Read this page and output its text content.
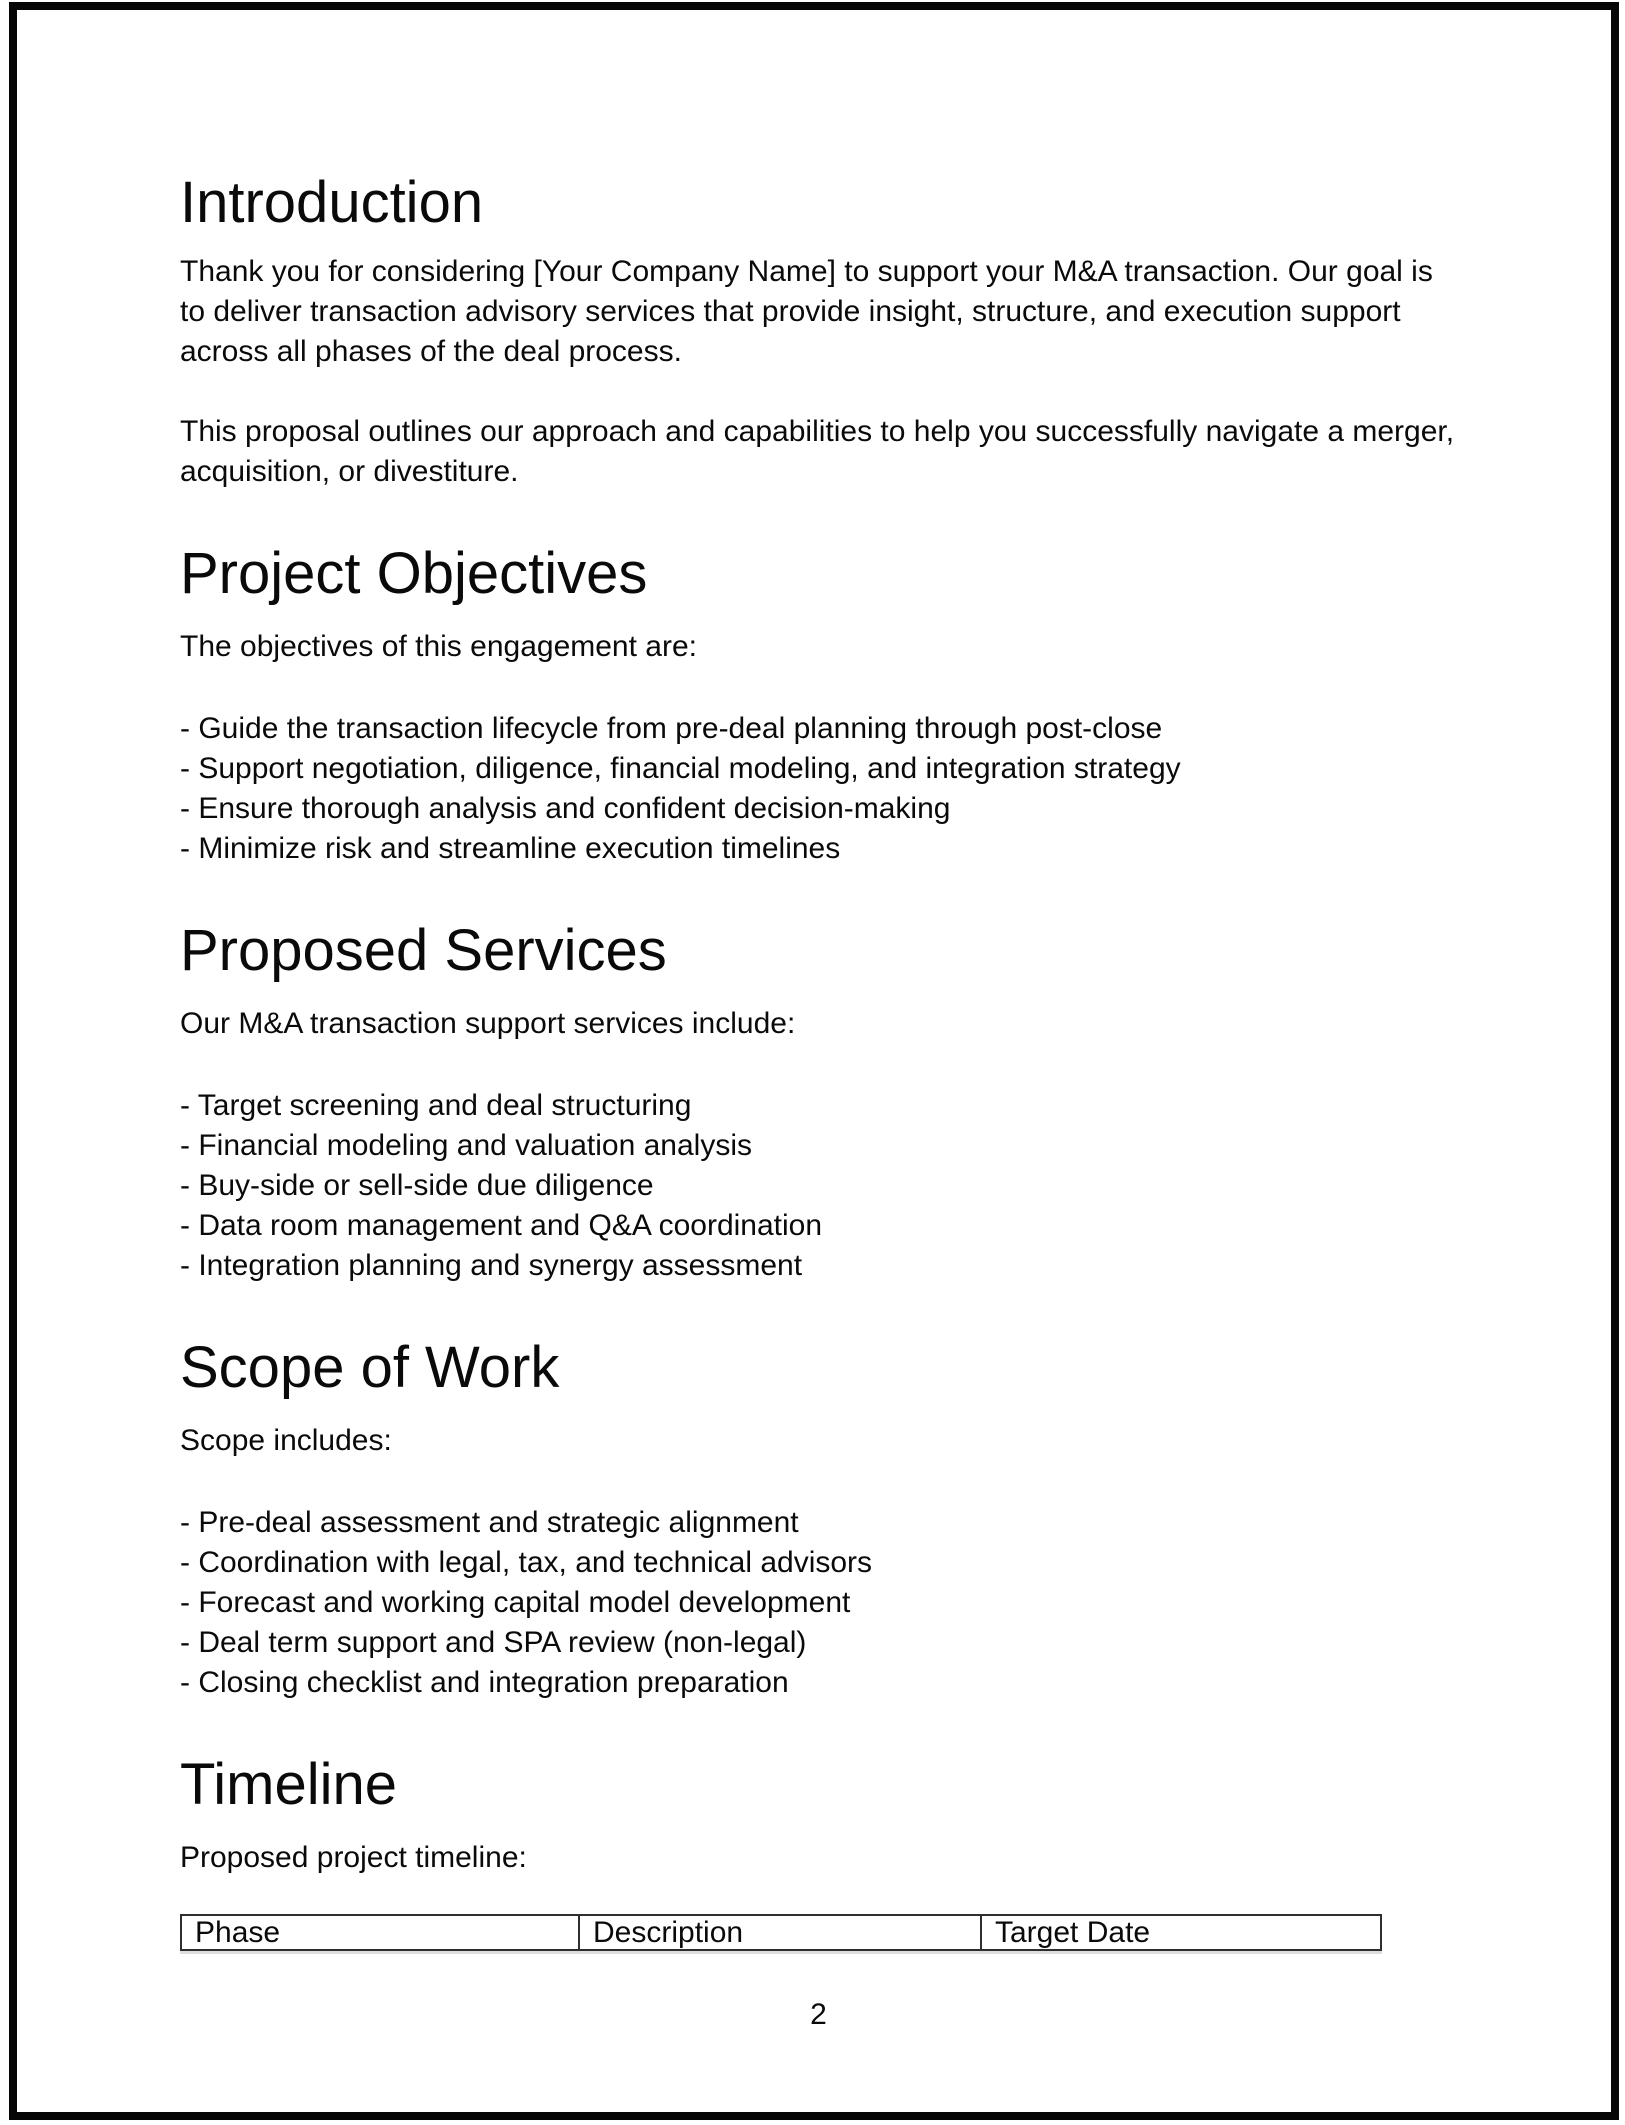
Introduction

Thank you for considering [Your Company Name] to support your M&A transaction. Our goal is to deliver transaction advisory services that provide insight, structure, and execution support across all phases of the deal process.

This proposal outlines our approach and capabilities to help you successfully navigate a merger, acquisition, or divestiture.

Project Objectives

The objectives of this engagement are:

- Guide the transaction lifecycle from pre-deal planning through post-close
- Support negotiation, diligence, financial modeling, and integration strategy
- Ensure thorough analysis and confident decision-making
- Minimize risk and streamline execution timelines
Proposed Services

Our M&A transaction support services include:

- Target screening and deal structuring
- Financial modeling and valuation analysis
- Buy-side or sell-side due diligence
- Data room management and Q&A coordination
- Integration planning and synergy assessment
Scope of Work

Scope includes:

- Pre-deal assessment and strategic alignment
- Coordination with legal, tax, and technical advisors
- Forecast and working capital model development
- Deal term support and SPA review (non-legal)
- Closing checklist and integration preparation
Timeline

Proposed project timeline:

Phase	Description	Target Date
2
